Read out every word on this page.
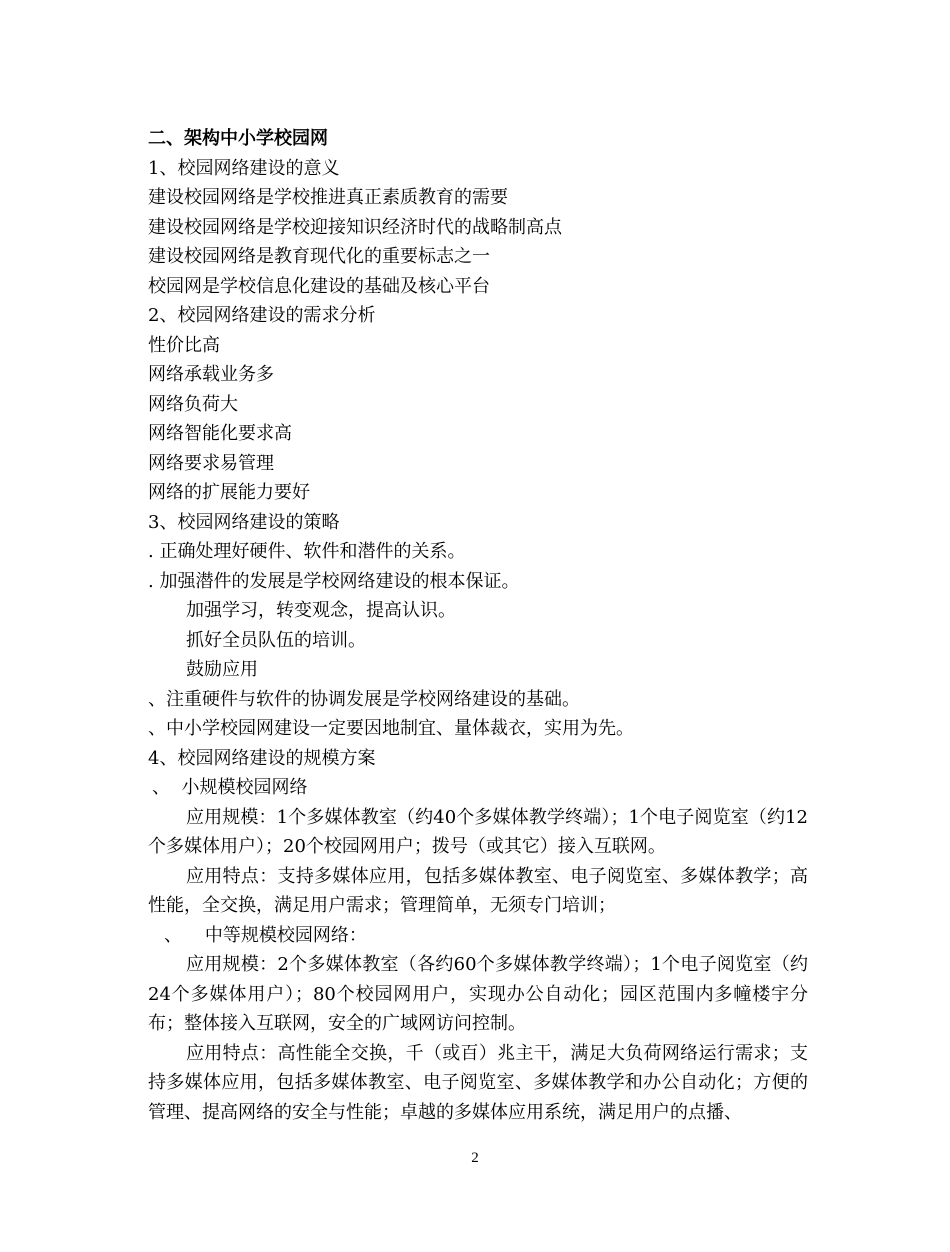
二、架构中小学校园网
1、校园网络建设的意义
建设校园网络是学校推进真正素质教育的需要
建设校园网络是学校迎接知识经济时代的战略制高点
建设校园网络是教育现代化的重要标志之一
校园网是学校信息化建设的基础及核心平台
2、校园网络建设的需求分析
性价比高
网络承载业务多
网络负荷大
网络智能化要求高
网络要求易管理
网络的扩展能力要好
3、校园网络建设的策略
. 正确处理好硬件、软件和潜件的关系。
. 加强潜件的发展是学校网络建设的根本保证。
加强学习，转变观念，提高认识。
抓好全员队伍的培训。
鼓励应用
、注重硬件与软件的协调发展是学校网络建设的基础。
、中小学校园网建设一定要因地制宜、量体裁衣，实用为先。
4、校园网络建设的规模方案
、  小规模校园网络
应用规模：1个多媒体教室（约40个多媒体教学终端）；1个电子阅览室（约12个多媒体用户）；20个校园网用户；拨号（或其它）接入互联网。
应用特点：支持多媒体应用，包括多媒体教室、电子阅览室、多媒体教学；高性能，全交换，满足用户需求；管理简单，无须专门培训；
、    中等规模校园网络：
应用规模：2个多媒体教室（各约60个多媒体教学终端）；1个电子阅览室（约24个多媒体用户）；80个校园网用户，实现办公自动化；园区范围内多幢楼宇分布；整体接入互联网，安全的广域网访问控制。
应用特点：高性能全交换，千（或百）兆主干，满足大负荷网络运行需求；支持多媒体应用，包括多媒体教室、电子阅览室、多媒体教学和办公自动化；方便的管理、提高网络的安全与性能；卓越的多媒体应用系统，满足用户的点播、
2
